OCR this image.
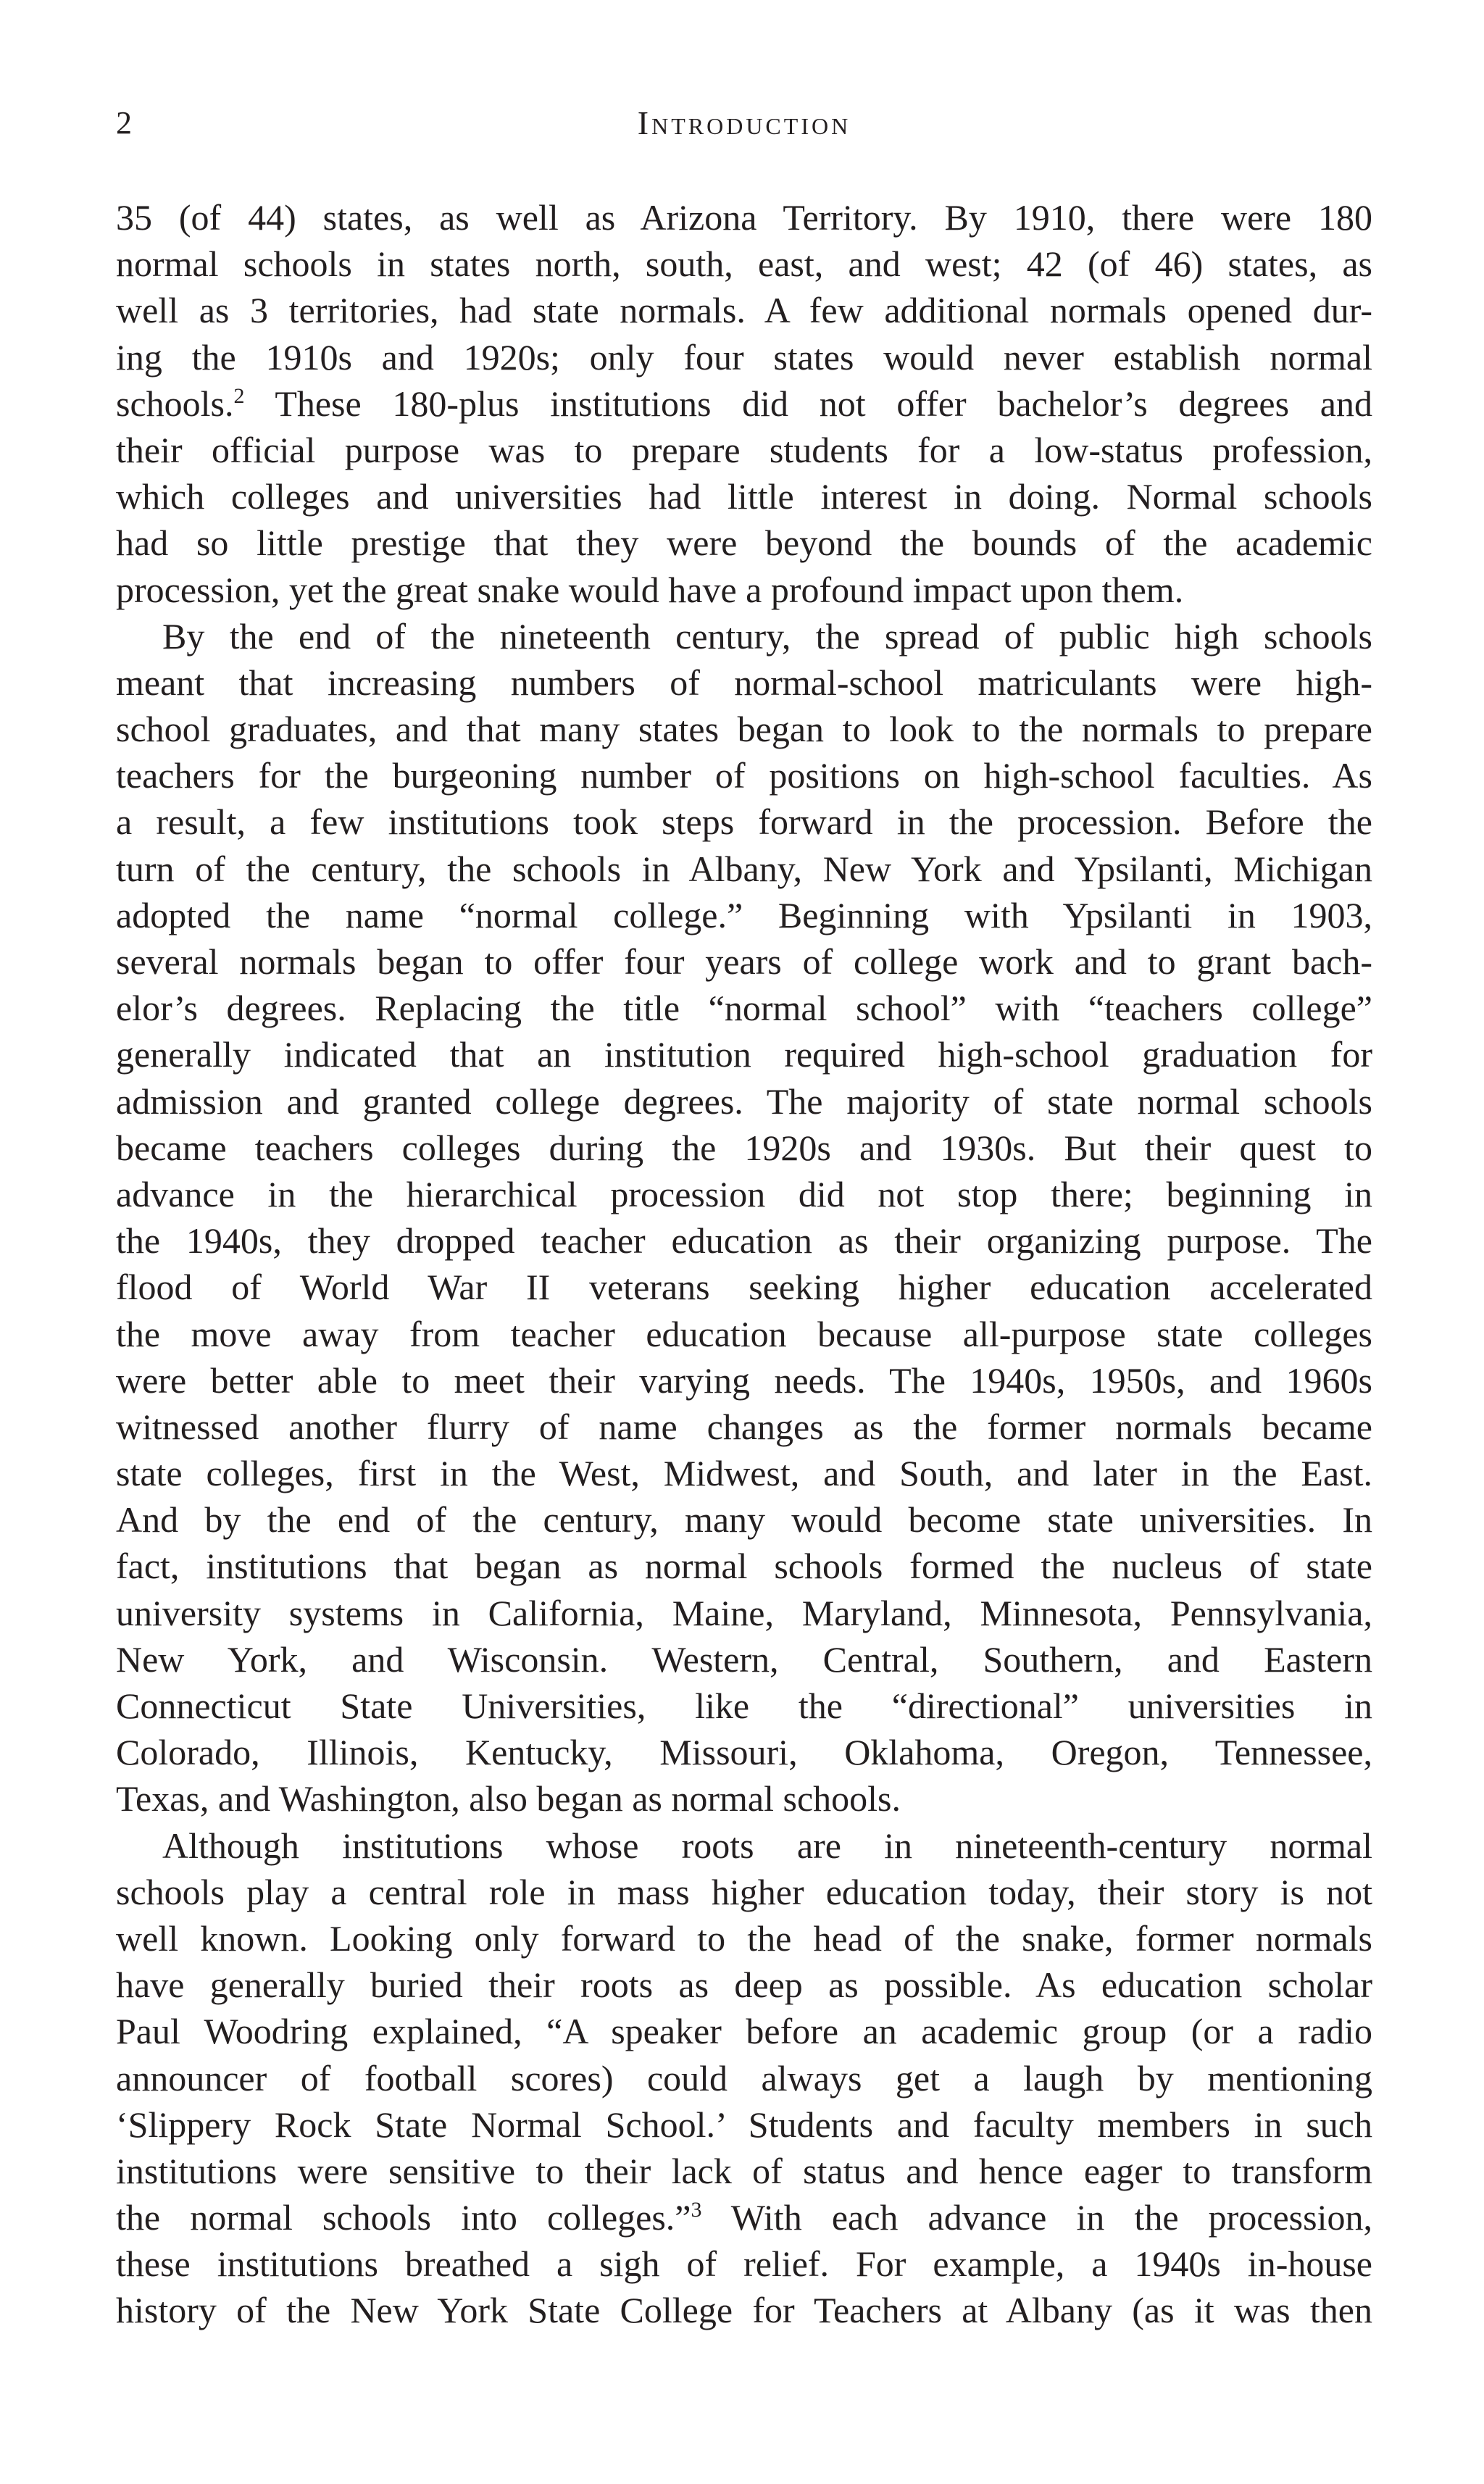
2	Introduction
35 (of 44) states, as well as Arizona Territory. By 1910, there were 180
normal schools in states north, south, east, and west; 42 (of 46) states, as
well as 3 territories, had state normals. A few additional normals opened dur-
ing the 1910s and 1920s; only four states would never establish normal
schools.$^2$ These 180-plus institutions did not offer bachelor’s degrees and
their official purpose was to prepare students for a low-status profession,
which colleges and universities had little interest in doing. Normal schools
had so little prestige that they were beyond the bounds of the academic
procession, yet the great snake would have a profound impact upon them.
By the end of the nineteenth century, the spread of public high schools
meant that increasing numbers of normal-school matriculants were high-
school graduates, and that many states began to look to the normals to prepare
teachers for the burgeoning number of positions on high-school faculties. As
a result, a few institutions took steps forward in the procession. Before the
turn of the century, the schools in Albany, New York and Ypsilanti, Michigan
adopted the name “normal college.” Beginning with Ypsilanti in 1903,
several normals began to offer four years of college work and to grant bach-
elor’s degrees. Replacing the title “normal school” with “teachers college”
generally indicated that an institution required high-school graduation for
admission and granted college degrees. The majority of state normal schools
became teachers colleges during the 1920s and 1930s. But their quest to
advance in the hierarchical procession did not stop there; beginning in
the 1940s, they dropped teacher education as their organizing purpose. The
flood of World War II veterans seeking higher education accelerated
the move away from teacher education because all-purpose state colleges
were better able to meet their varying needs. The 1940s, 1950s, and 1960s
witnessed another flurry of name changes as the former normals became
state colleges, first in the West, Midwest, and South, and later in the East.
And by the end of the century, many would become state universities. In
fact, institutions that began as normal schools formed the nucleus of state
university systems in California, Maine, Maryland, Minnesota, Pennsylvania,
New York, and Wisconsin. Western, Central, Southern, and Eastern
Connecticut State Universities, like the “directional” universities in
Colorado, Illinois, Kentucky, Missouri, Oklahoma, Oregon, Tennessee,
Texas, and Washington, also began as normal schools.
Although institutions whose roots are in nineteenth-century normal
schools play a central role in mass higher education today, their story is not
well known. Looking only forward to the head of the snake, former normals
have generally buried their roots as deep as possible. As education scholar
Paul Woodring explained, “A speaker before an academic group (or a radio
announcer of football scores) could always get a laugh by mentioning
‘Slippery Rock State Normal School.’ Students and faculty members in such
institutions were sensitive to their lack of status and hence eager to transform
the normal schools into colleges.”$^3$ With each advance in the procession,
these institutions breathed a sigh of relief. For example, a 1940s in-house
history of the New York State College for Teachers at Albany (as it was then
